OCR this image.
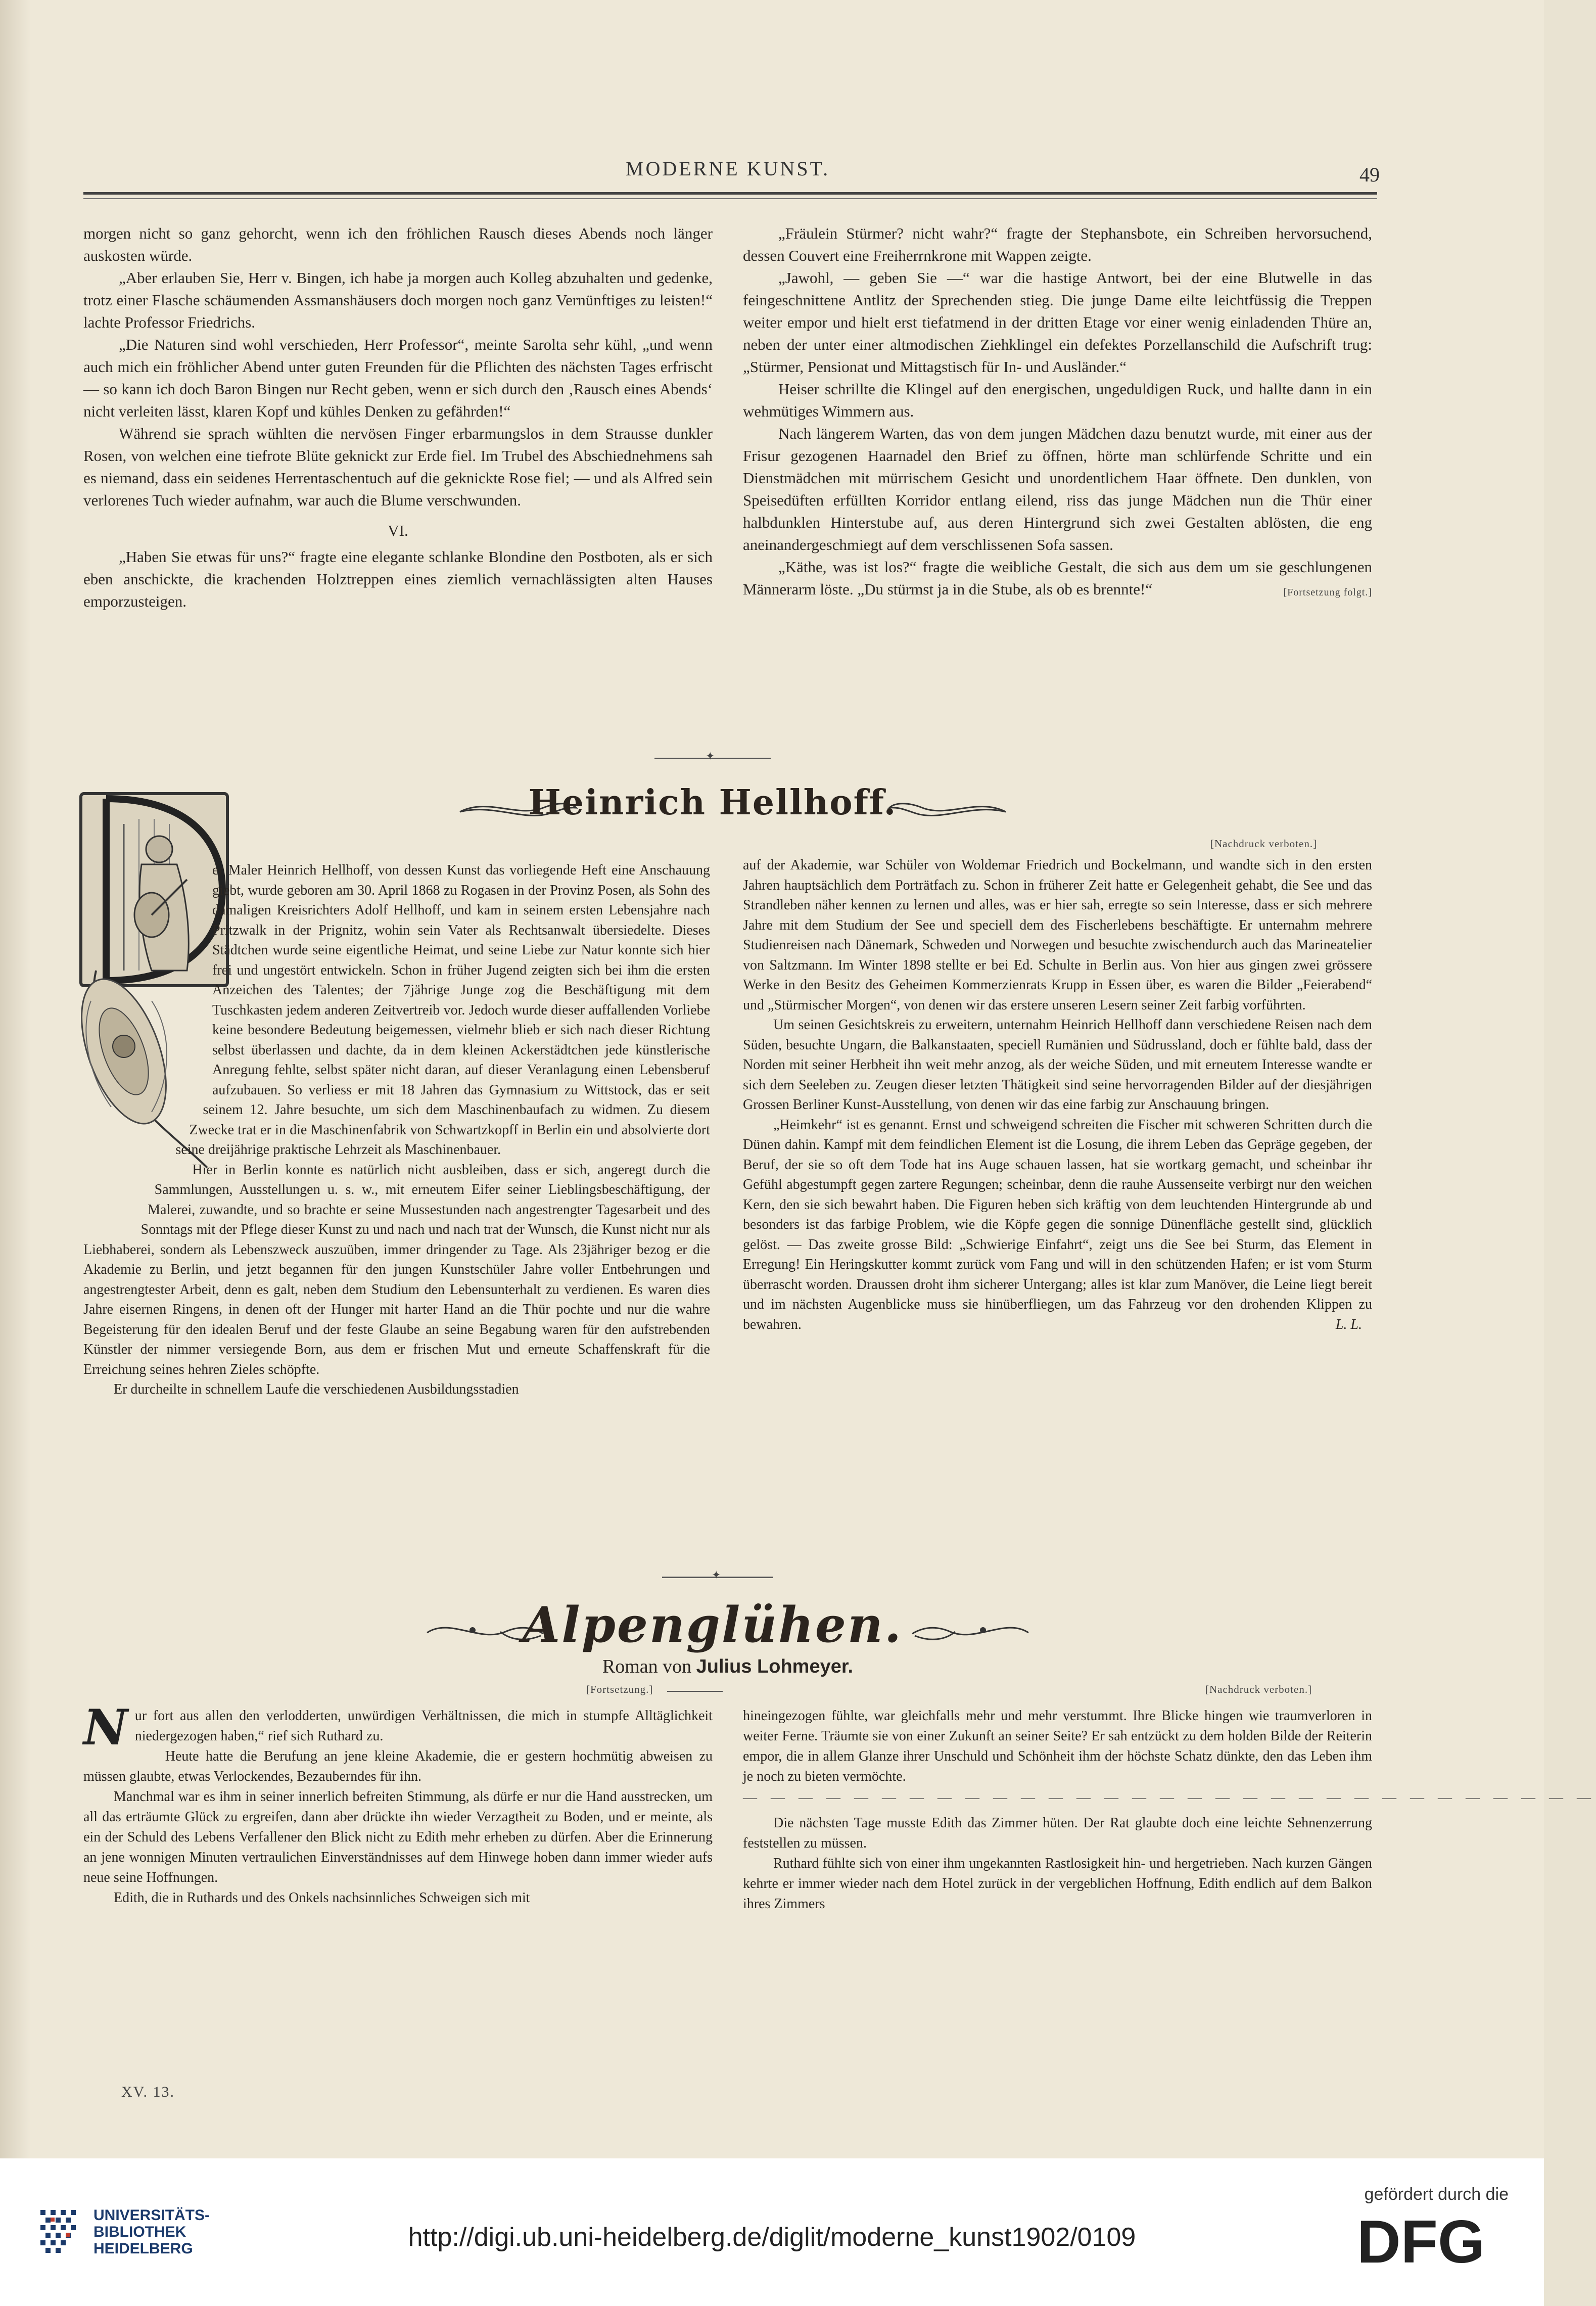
MODERNE KUNST.	49

morgen nicht so ganz gehorcht, wenn ich den fröhlichen Rausch dieses Abends noch länger auskosten würde.

„Aber erlauben Sie, Herr v. Bingen, ich habe ja morgen auch Kolleg abzuhalten und gedenke, trotz einer Flasche schäumenden Assmanshäusers doch morgen noch ganz Vernünftiges zu leisten!“ lachte Professor Friedrichs.

„Die Naturen sind wohl verschieden, Herr Professor“, meinte Sarolta sehr kühl, „und wenn auch mich ein fröhlicher Abend unter guten Freunden für die Pflichten des nächsten Tages erfrischt — so kann ich doch Baron Bingen nur Recht geben, wenn er sich durch den ‚Rausch eines Abends‘ nicht verleiten lässt, klaren Kopf und kühles Denken zu gefährden!“

Während sie sprach wühlten die nervösen Finger erbarmungslos in dem Strausse dunkler Rosen, von welchen eine tiefrote Blüte geknickt zur Erde fiel. Im Trubel des Abschiednehmens sah es niemand, dass ein seidenes Herrentaschentuch auf die geknickte Rose fiel; — und als Alfred sein verlorenes Tuch wieder aufnahm, war auch die Blume verschwunden.

VI.

„Haben Sie etwas für uns?“ fragte eine elegante schlanke Blondine den Postboten, als er sich eben anschickte, die krachenden Holztreppen eines ziemlich vernachlässigten alten Hauses emporzusteigen.

„Fräulein Stürmer? nicht wahr?“ fragte der Stephansbote, ein Schreiben hervorsuchend, dessen Couvert eine Freiherrnkrone mit Wappen zeigte.

„Jawohl, — geben Sie —“ war die hastige Antwort, bei der eine Blutwelle in das feingeschnittene Antlitz der Sprechenden stieg. Die junge Dame eilte leichtfüssig die Treppen weiter empor und hielt erst tiefatmend in der dritten Etage vor einer wenig einladenden Thüre an, neben der unter einer altmodischen Ziehklingel ein defektes Porzellanschild die Aufschrift trug: „Stürmer, Pensionat und Mittagstisch für In- und Ausländer.“

Heiser schrillte die Klingel auf den energischen, ungeduldigen Ruck, und hallte dann in ein wehmütiges Wimmern aus.

Nach längerem Warten, das von dem jungen Mädchen dazu benutzt wurde, mit einer aus der Frisur gezogenen Haarnadel den Brief zu öffnen, hörte man schlürfende Schritte und ein Dienstmädchen mit mürrischem Gesicht und unordentlichem Haar öffnete. Den dunklen, von Speisedüften erfüllten Korridor entlang eilend, riss das junge Mädchen nun die Thür einer halbdunklen Hinterstube auf, aus deren Hintergrund sich zwei Gestalten ablösten, die eng aneinandergeschmiegt auf dem verschlissenen Sofa sassen.

„Käthe, was ist los?“ fragte die weibliche Gestalt, die sich aus dem um sie geschlungenen Männerarm löste. „Du stürmst ja in die Stube, als ob es brennte!“	[Fortsetzung folgt.]

✦
Heinrich Hellhoff.
[Nachdruck verboten.]

er Maler Heinrich Hellhoff, von dessen Kunst das vorliegende Heft eine Anschauung giebt, wurde geboren am 30. April 1868 zu Rogasen in der Provinz Posen, als Sohn des damaligen Kreisrichters Adolf Hellhoff, und kam in seinem ersten Lebensjahre nach Pritzwalk in der Prignitz, wohin sein Vater als Rechtsanwalt übersiedelte. Dieses Städtchen wurde seine eigentliche Heimat, und seine Liebe zur Natur konnte sich hier frei und ungestört entwickeln. Schon in früher Jugend zeigten sich bei ihm die ersten Anzeichen des Talentes; der 7jährige Junge zog die Beschäftigung mit dem Tuschkasten jedem anderen Zeitvertreib vor. Jedoch wurde dieser auffallenden Vorliebe keine besondere Bedeutung beigemessen, vielmehr blieb er sich nach dieser Richtung selbst überlassen und dachte, da in dem kleinen Ackerstädtchen jede künstlerische Anregung fehlte, selbst später nicht daran, auf dieser Veranlagung einen Lebensberuf aufzubauen. So verliess er mit 18 Jahren das Gymnasium zu Wittstock, das er seit seinem 12. Jahre besuchte, um sich dem Maschinenbaufach zu widmen. Zu diesem Zwecke trat er in die Maschinenfabrik von Schwartzkopff in Berlin ein und absolvierte dort seine dreijährige praktische Lehrzeit als Maschinenbauer.

Hier in Berlin konnte es natürlich nicht ausbleiben, dass er sich, angeregt durch die Sammlungen, Ausstellungen u. s. w., mit erneutem Eifer seiner Lieblingsbeschäftigung, der Malerei, zuwandte, und so brachte er seine Mussestunden nach angestrengter Tagesarbeit und des Sonntags mit der Pflege dieser Kunst zu und nach und nach trat der Wunsch, die Kunst nicht nur als Liebhaberei, sondern als Lebenszweck auszuüben, immer dringender zu Tage. Als 23jähriger bezog er die Akademie zu Berlin, und jetzt begannen für den jungen Kunstschüler Jahre voller Entbehrungen und angestrengtester Arbeit, denn es galt, neben dem Studium den Lebensunterhalt zu verdienen. Es waren dies Jahre eisernen Ringens, in denen oft der Hunger mit harter Hand an die Thür pochte und nur die wahre Begeisterung für den idealen Beruf und der feste Glaube an seine Begabung waren für den aufstrebenden Künstler der nimmer versiegende Born, aus dem er frischen Mut und erneute Schaffenskraft für die Erreichung seines hehren Zieles schöpfte.

Er durcheilte in schnellem Laufe die verschiedenen Ausbildungsstadien

auf der Akademie, war Schüler von Woldemar Friedrich und Bockelmann, und wandte sich in den ersten Jahren hauptsächlich dem Porträtfach zu. Schon in früherer Zeit hatte er Gelegenheit gehabt, die See und das Strandleben näher kennen zu lernen und alles, was er hier sah, erregte so sein Interesse, dass er sich mehrere Jahre mit dem Studium der See und speciell dem des Fischerlebens beschäftigte. Er unternahm mehrere Studienreisen nach Dänemark, Schweden und Norwegen und besuchte zwischendurch auch das Marineatelier von Saltzmann. Im Winter 1898 stellte er bei Ed. Schulte in Berlin aus. Von hier aus gingen zwei grössere Werke in den Besitz des Geheimen Kommerzienrats Krupp in Essen über, es waren die Bilder „Feierabend“ und „Stürmischer Morgen“, von denen wir das erstere unseren Lesern seiner Zeit farbig vorführten.

Um seinen Gesichtskreis zu erweitern, unternahm Heinrich Hellhoff dann verschiedene Reisen nach dem Süden, besuchte Ungarn, die Balkanstaaten, speciell Rumänien und Südrussland, doch er fühlte bald, dass der Norden mit seiner Herbheit ihn weit mehr anzog, als der weiche Süden, und mit erneutem Interesse wandte er sich dem Seeleben zu. Zeugen dieser letzten Thätigkeit sind seine hervorragenden Bilder auf der diesjährigen Grossen Berliner Kunst-Ausstellung, von denen wir das eine farbig zur Anschauung bringen.

„Heimkehr“ ist es genannt. Ernst und schweigend schreiten die Fischer mit schweren Schritten durch die Dünen dahin. Kampf mit dem feindlichen Element ist die Losung, die ihrem Leben das Gepräge gegeben, der Beruf, der sie so oft dem Tode hat ins Auge schauen lassen, hat sie wortkarg gemacht, und scheinbar ihr Gefühl abgestumpft gegen zartere Regungen; scheinbar, denn die rauhe Aussenseite verbirgt nur den weichen Kern, den sie sich bewahrt haben. Die Figuren heben sich kräftig von dem leuchtenden Hintergrunde ab und besonders ist das farbige Problem, wie die Köpfe gegen die sonnige Dünenfläche gestellt sind, glücklich gelöst. — Das zweite grosse Bild: „Schwierige Einfahrt“, zeigt uns die See bei Sturm, das Element in Erregung! Ein Heringskutter kommt zurück vom Fang und will in den schützenden Hafen; er ist vom Sturm überrascht worden. Draussen droht ihm sicherer Untergang; alles ist klar zum Manöver, die Leine liegt bereit und im nächsten Augenblicke muss sie hinüberfliegen, um das Fahrzeug vor den drohenden Klippen zu bewahren.	L. L.

✦
Alpenglühen.
Roman von Julius Lohmeyer.
[Fortsetzung.]	[Nachdruck verboten.]
N ur fort aus allen den verlodderten, unwürdigen Verhältnissen, die mich in stumpfe Alltäglichkeit niedergezogen haben,“ rief sich Ruthard zu.

Heute hatte die Berufung an jene kleine Akademie, die er gestern hochmütig abweisen zu müssen glaubte, etwas Verlockendes, Bezauberndes für ihn.

Manchmal war es ihm in seiner innerlich befreiten Stimmung, als dürfe er nur die Hand ausstrecken, um all das erträumte Glück zu ergreifen, dann aber drückte ihn wieder Verzagtheit zu Boden, und er meinte, als ein der Schuld des Lebens Verfallener den Blick nicht zu Edith mehr erheben zu dürfen. Aber die Erinnerung an jene wonnigen Minuten vertraulichen Einverständnisses auf dem Hinwege hoben dann immer wieder aufs neue seine Hoffnungen.

Edith, die in Ruthards und des Onkels nachsinnliches Schweigen sich mit

hineingezogen fühlte, war gleichfalls mehr und mehr verstummt. Ihre Blicke hingen wie traumverloren in weiter Ferne. Träumte sie von einer Zukunft an seiner Seite? Er sah entzückt zu dem holden Bilde der Reiterin empor, die in allem Glanze ihrer Unschuld und Schönheit ihm der höchste Schatz dünkte, den das Leben ihm je noch zu bieten vermöchte.

— — — — — — — — — — — — — — — — — — — — — — — — — — — — — — —

Die nächsten Tage musste Edith das Zimmer hüten. Der Rat glaubte doch eine leichte Sehnenzerrung feststellen zu müssen.

Ruthard fühlte sich von einer ihm ungekannten Rastlosigkeit hin- und hergetrieben. Nach kurzen Gängen kehrte er immer wieder nach dem Hotel zurück in der vergeblichen Hoffnung, Edith endlich auf dem Balkon ihres Zimmers

XV. 13.
UNIVERSITÄTS-
BIBLIOTHEK
HEIDELBERG	http://digi.ub.uni-heidelberg.de/diglit/moderne_kunst1902/0109
gefördert durch die
DFG
